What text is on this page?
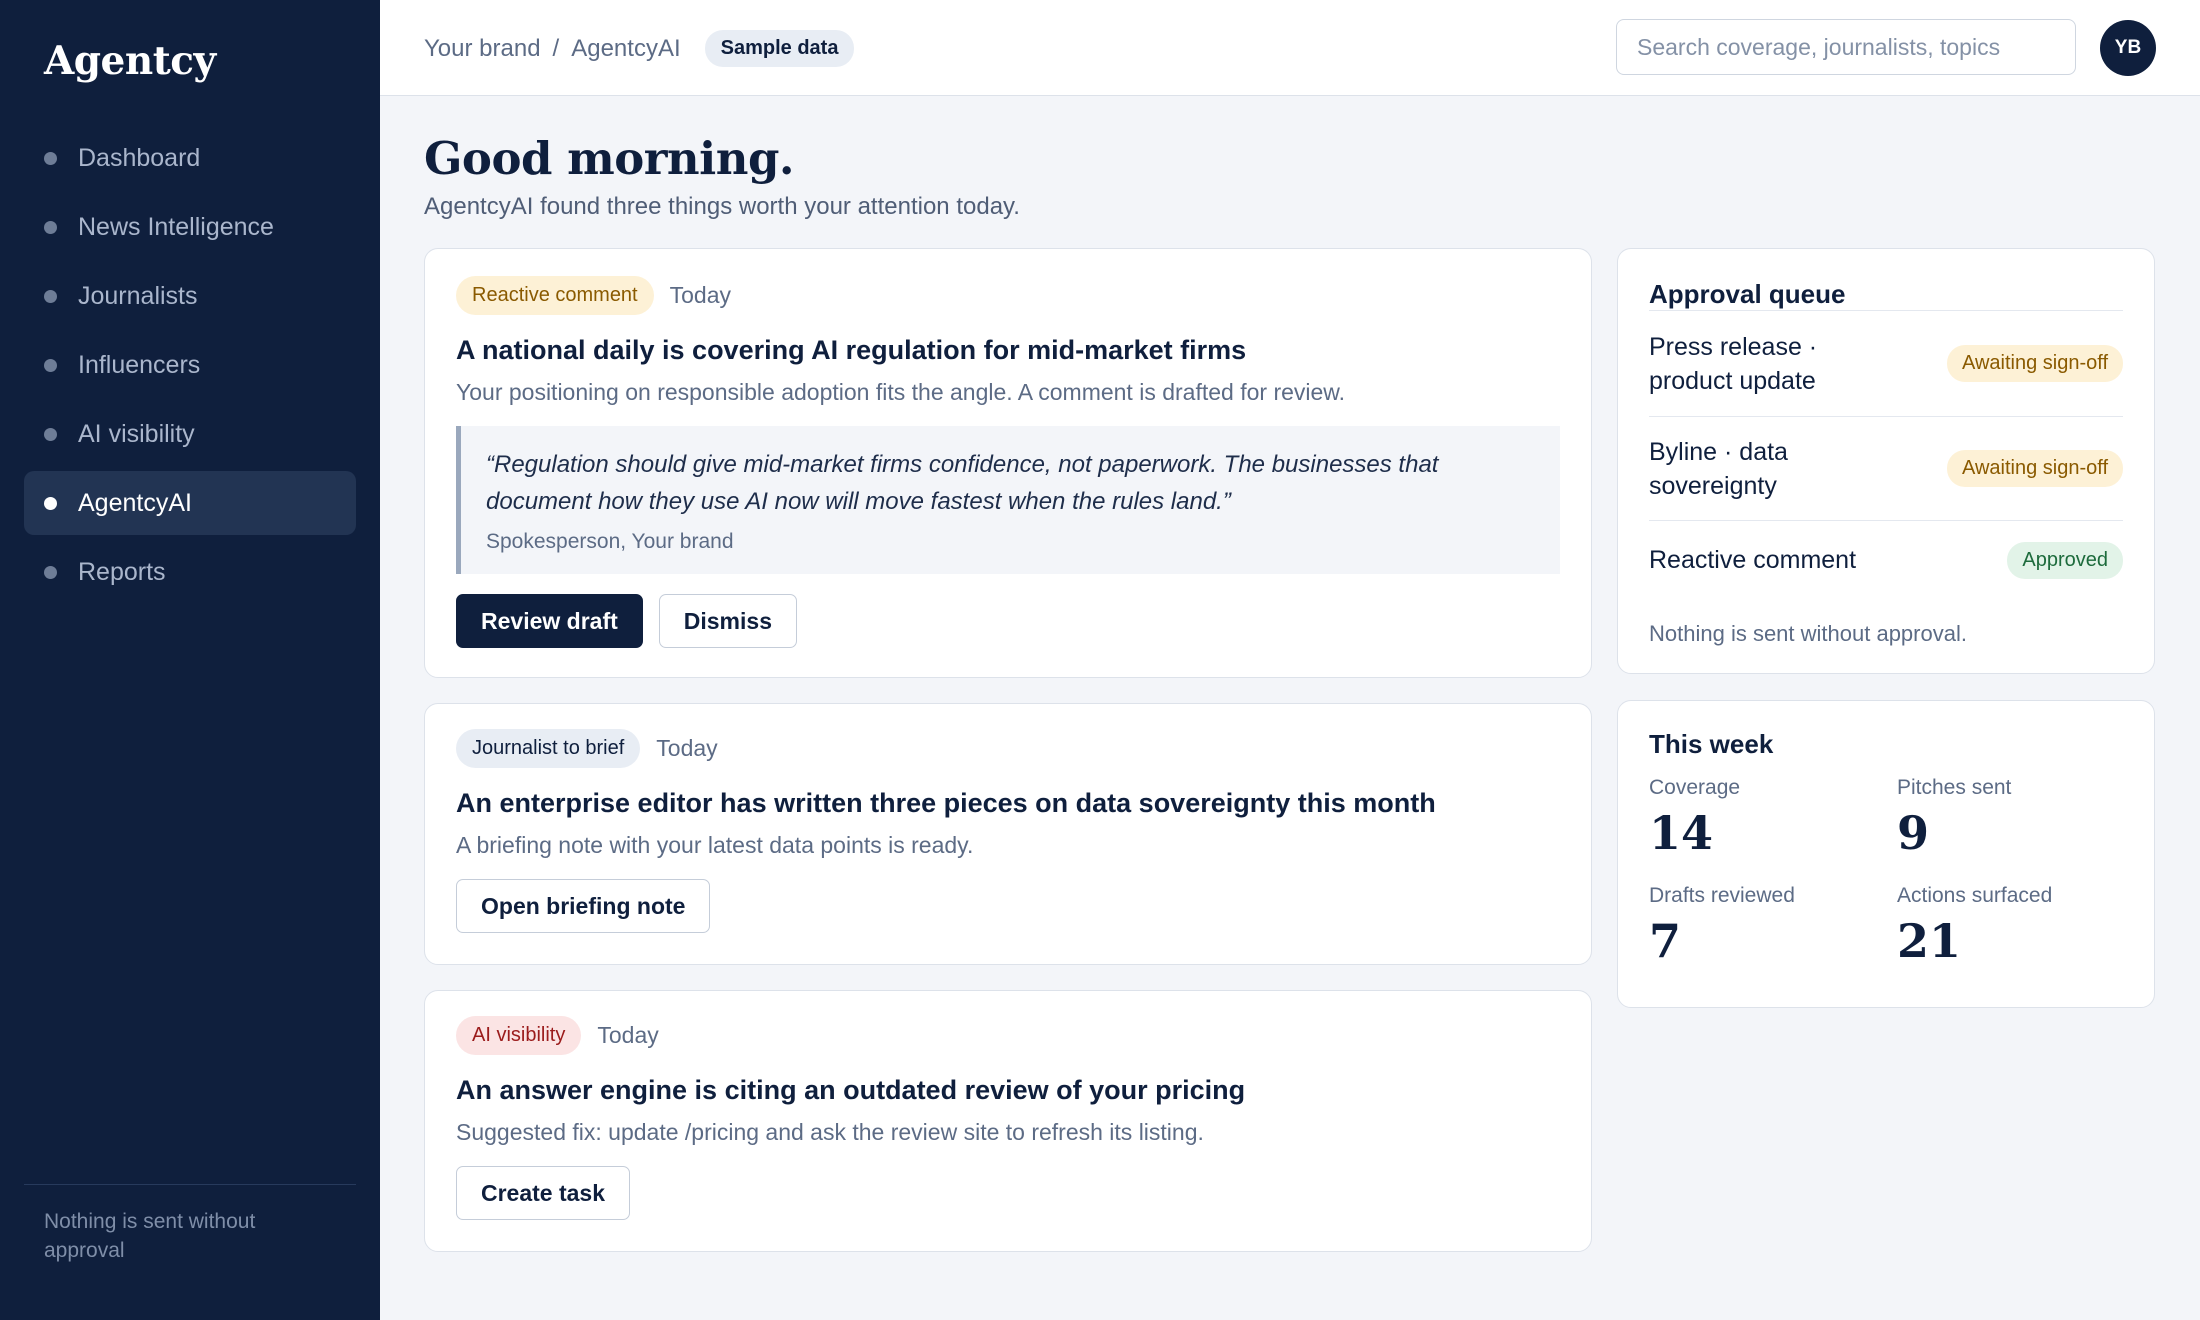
Agentcy
Dashboard
News Intelligence
Journalists
Influencers
AI visibility
AgentcyAI
Reports
Nothing is sent without approval
Your brand / AgentcyAI	Sample data
Search coverage, journalists, topics	YB
Good morning.

AgentcyAI found three things worth your attention today.

Reactive comment	Today
A national daily is covering AI regulation for mid-market firms
Your positioning on responsible adoption fits the angle. A comment is drafted for review.
“Regulation should give mid-market firms confidence, not paperwork. The businesses that document how they use AI now will move fastest when the rules land.”
Spokesperson, Your brand
Review draft	Dismiss
Journalist to brief	Today
An enterprise editor has written three pieces on data sovereignty this month
A briefing note with your latest data points is ready.
Open briefing note
AI visibility	Today
An answer engine is citing an outdated review of your pricing
Suggested fix: update /pricing and ask the review site to refresh its listing.
Create task
Approval queue
Press release · product update
Awaiting sign-off
Byline · data sovereignty
Awaiting sign-off
Reactive comment	Approved
Nothing is sent without approval.
This week
Coverage
14
Pitches sent
9
Drafts reviewed
7
Actions surfaced
21
